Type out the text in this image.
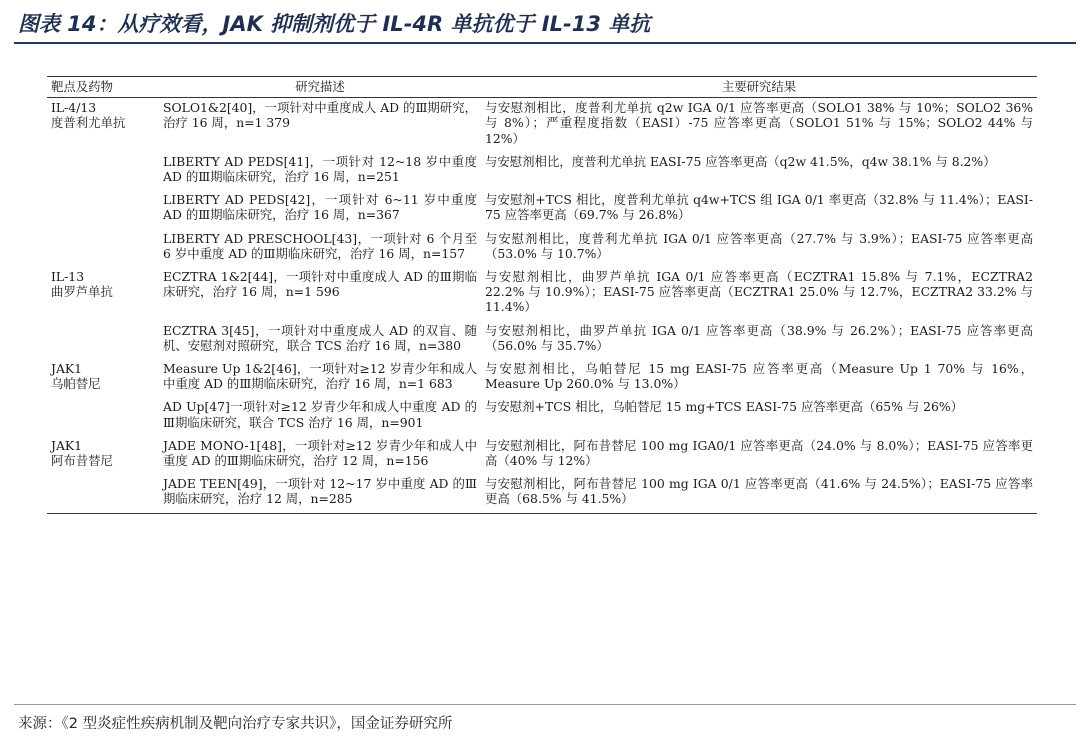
图表 14：从疗效看，JAK 抑制剂优于 IL-4R 单抗优于 IL-13 单抗
靶点及药物	研究描述	主要研究结果
IL-4/13
度普利尤单抗	SOLO1&2[40]，一项针对中重度成人 AD 的Ⅲ期研究，治疗 16 周，n=1 379	与安慰剂相比，度普利尤单抗 q2w IGA 0/1 应答率更高（SOLO1 38% 与 10%；SOLO2 36% 与 8%）；严重程度指数（EASI）-75 应答率更高（SOLO1 51% 与 15%；SOLO2 44% 与 12%）
	LIBERTY AD PEDS[41]，一项针对 12~18 岁中重度 AD 的Ⅲ期临床研究，治疗 16 周，n=251	与安慰剂相比，度普利尤单抗 EASI-75 应答率更高（q2w 41.5%，q4w 38.1% 与 8.2%）
	LIBERTY AD PEDS[42]，一项针对 6~11 岁中重度 AD 的Ⅲ期临床研究，治疗 16 周，n=367	与安慰剂+TCS 相比，度普利尤单抗 q4w+TCS 组 IGA 0/1 率更高（32.8% 与 11.4%）；EASI-75 应答率更高（69.7% 与 26.8%）
	LIBERTY AD PRESCHOOL[43]，一项针对 6 个月至 6 岁中重度 AD 的Ⅲ期临床研究，治疗 16 周，n=157	与安慰剂相比，度普利尤单抗 IGA 0/1 应答率更高（27.7% 与 3.9%）；EASI-75 应答率更高（53.0% 与 10.7%）
IL-13
曲罗芦单抗	ECZTRA 1&2[44]，一项针对中重度成人 AD 的Ⅲ期临床研究，治疗 16 周，n=1 596	与安慰剂相比，曲罗芦单抗 IGA 0/1 应答率更高（ECZTRA1 15.8% 与 7.1%，ECZTRA2 22.2% 与 10.9%）；EASI-75 应答率更高（ECZTRA1 25.0% 与 12.7%，ECZTRA2 33.2% 与 11.4%）
	ECZTRA 3[45]，一项针对中重度成人 AD 的双盲、随机、安慰剂对照研究，联合 TCS 治疗 16 周，n=380	与安慰剂相比，曲罗芦单抗 IGA 0/1 应答率更高（38.9% 与 26.2%）；EASI-75 应答率更高（56.0% 与 35.7%）
JAK1
乌帕替尼	Measure Up 1&2[46]，一项针对≥12 岁青少年和成人中重度 AD 的Ⅲ期临床研究，治疗 16 周，n=1 683	与安慰剂相比，乌帕替尼 15 mg EASI-75 应答率更高（Measure Up 1 70% 与 16%，Measure Up 260.0% 与 13.0%）
	AD Up[47]一项针对≥12 岁青少年和成人中重度 AD 的Ⅲ期临床研究，联合 TCS 治疗 16 周，n=901	与安慰剂+TCS 相比，乌帕替尼 15 mg+TCS EASI-75 应答率更高（65% 与 26%）
JAK1
阿布昔替尼	JADE MONO-1[48]，一项针对≥12 岁青少年和成人中重度 AD 的Ⅲ期临床研究，治疗 12 周，n=156	与安慰剂相比，阿布昔替尼 100 mg IGA0/1 应答率更高（24.0% 与 8.0%）；EASI-75 应答率更高（40% 与 12%）
	JADE TEEN[49]，一项针对 12~17 岁中重度 AD 的Ⅲ期临床研究，治疗 12 周，n=285	与安慰剂相比，阿布昔替尼 100 mg IGA 0/1 应答率更高（41.6% 与 24.5%）；EASI-75 应答率更高（68.5% 与 41.5%）
来源：《2 型炎症性疾病机制及靶向治疗专家共识》，国金证券研究所
